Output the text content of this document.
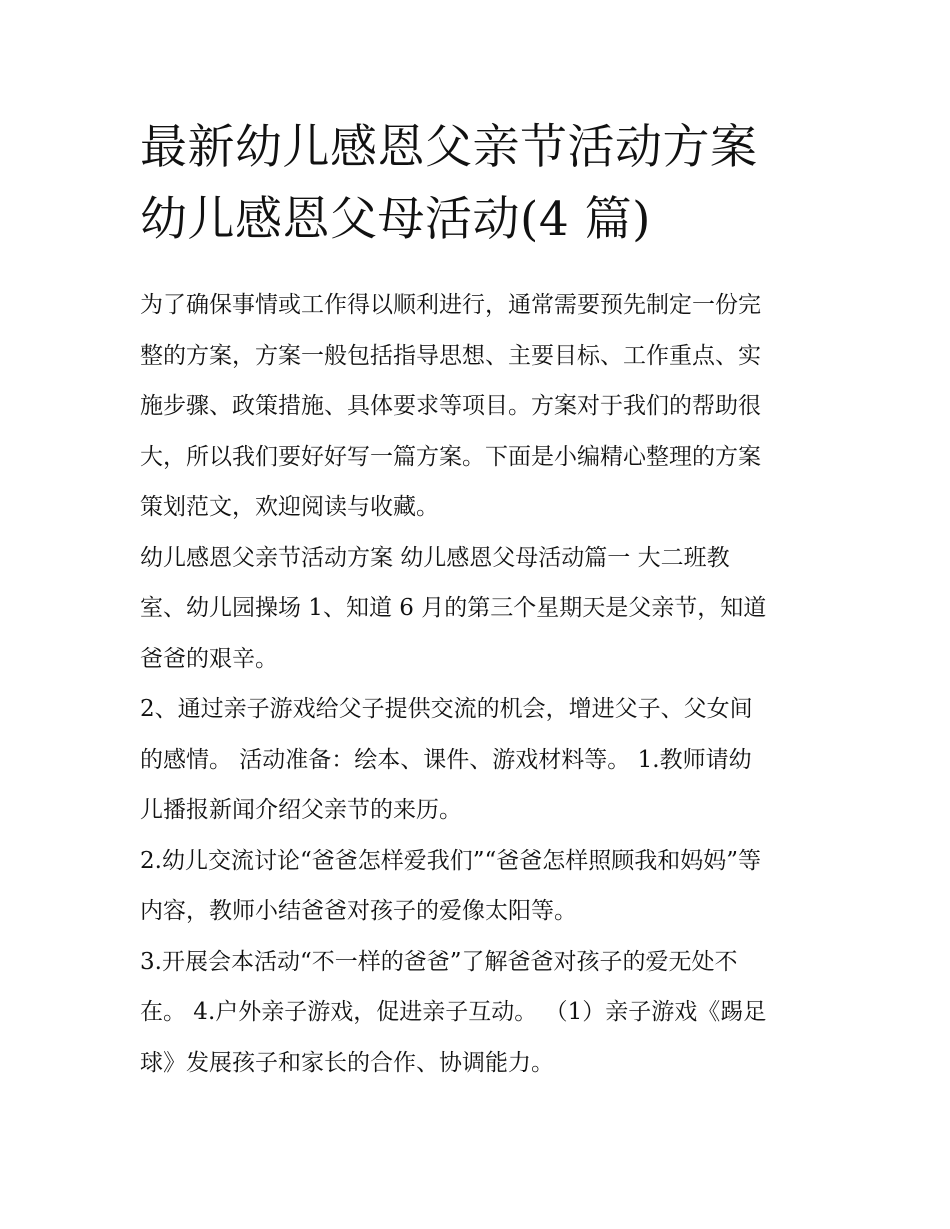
最新幼儿感恩父亲节活动方案
幼儿感恩父母活动(4 篇)

为了确保事情或工作得以顺利进行，通常需要预先制定一份完
整的方案，方案一般包括指导思想、主要目标、工作重点、实
施步骤、政策措施、具体要求等项目。方案对于我们的帮助很
大，所以我们要好好写一篇方案。下面是小编精心整理的方案
策划范文，欢迎阅读与收藏。

幼儿感恩父亲节活动方案 幼儿感恩父母活动篇一 大二班教
室、幼儿园操场 1、知道 6 月的第三个星期天是父亲节，知道
爸爸的艰辛。

2、通过亲子游戏给父子提供交流的机会，增进父子、父女间
的感情。 活动准备：绘本、课件、游戏材料等。 1.教师请幼
儿播报新闻介绍父亲节的来历。

2.幼儿交流讨论“爸爸怎样爱我们”“爸爸怎样照顾我和妈妈”等
内容，教师小结爸爸对孩子的爱像太阳等。

3.开展会本活动“不一样的爸爸”了解爸爸对孩子的爱无处不
在。 4.户外亲子游戏，促进亲子互动。 （1）亲子游戏《踢足
球》发展孩子和家长的合作、协调能力。
